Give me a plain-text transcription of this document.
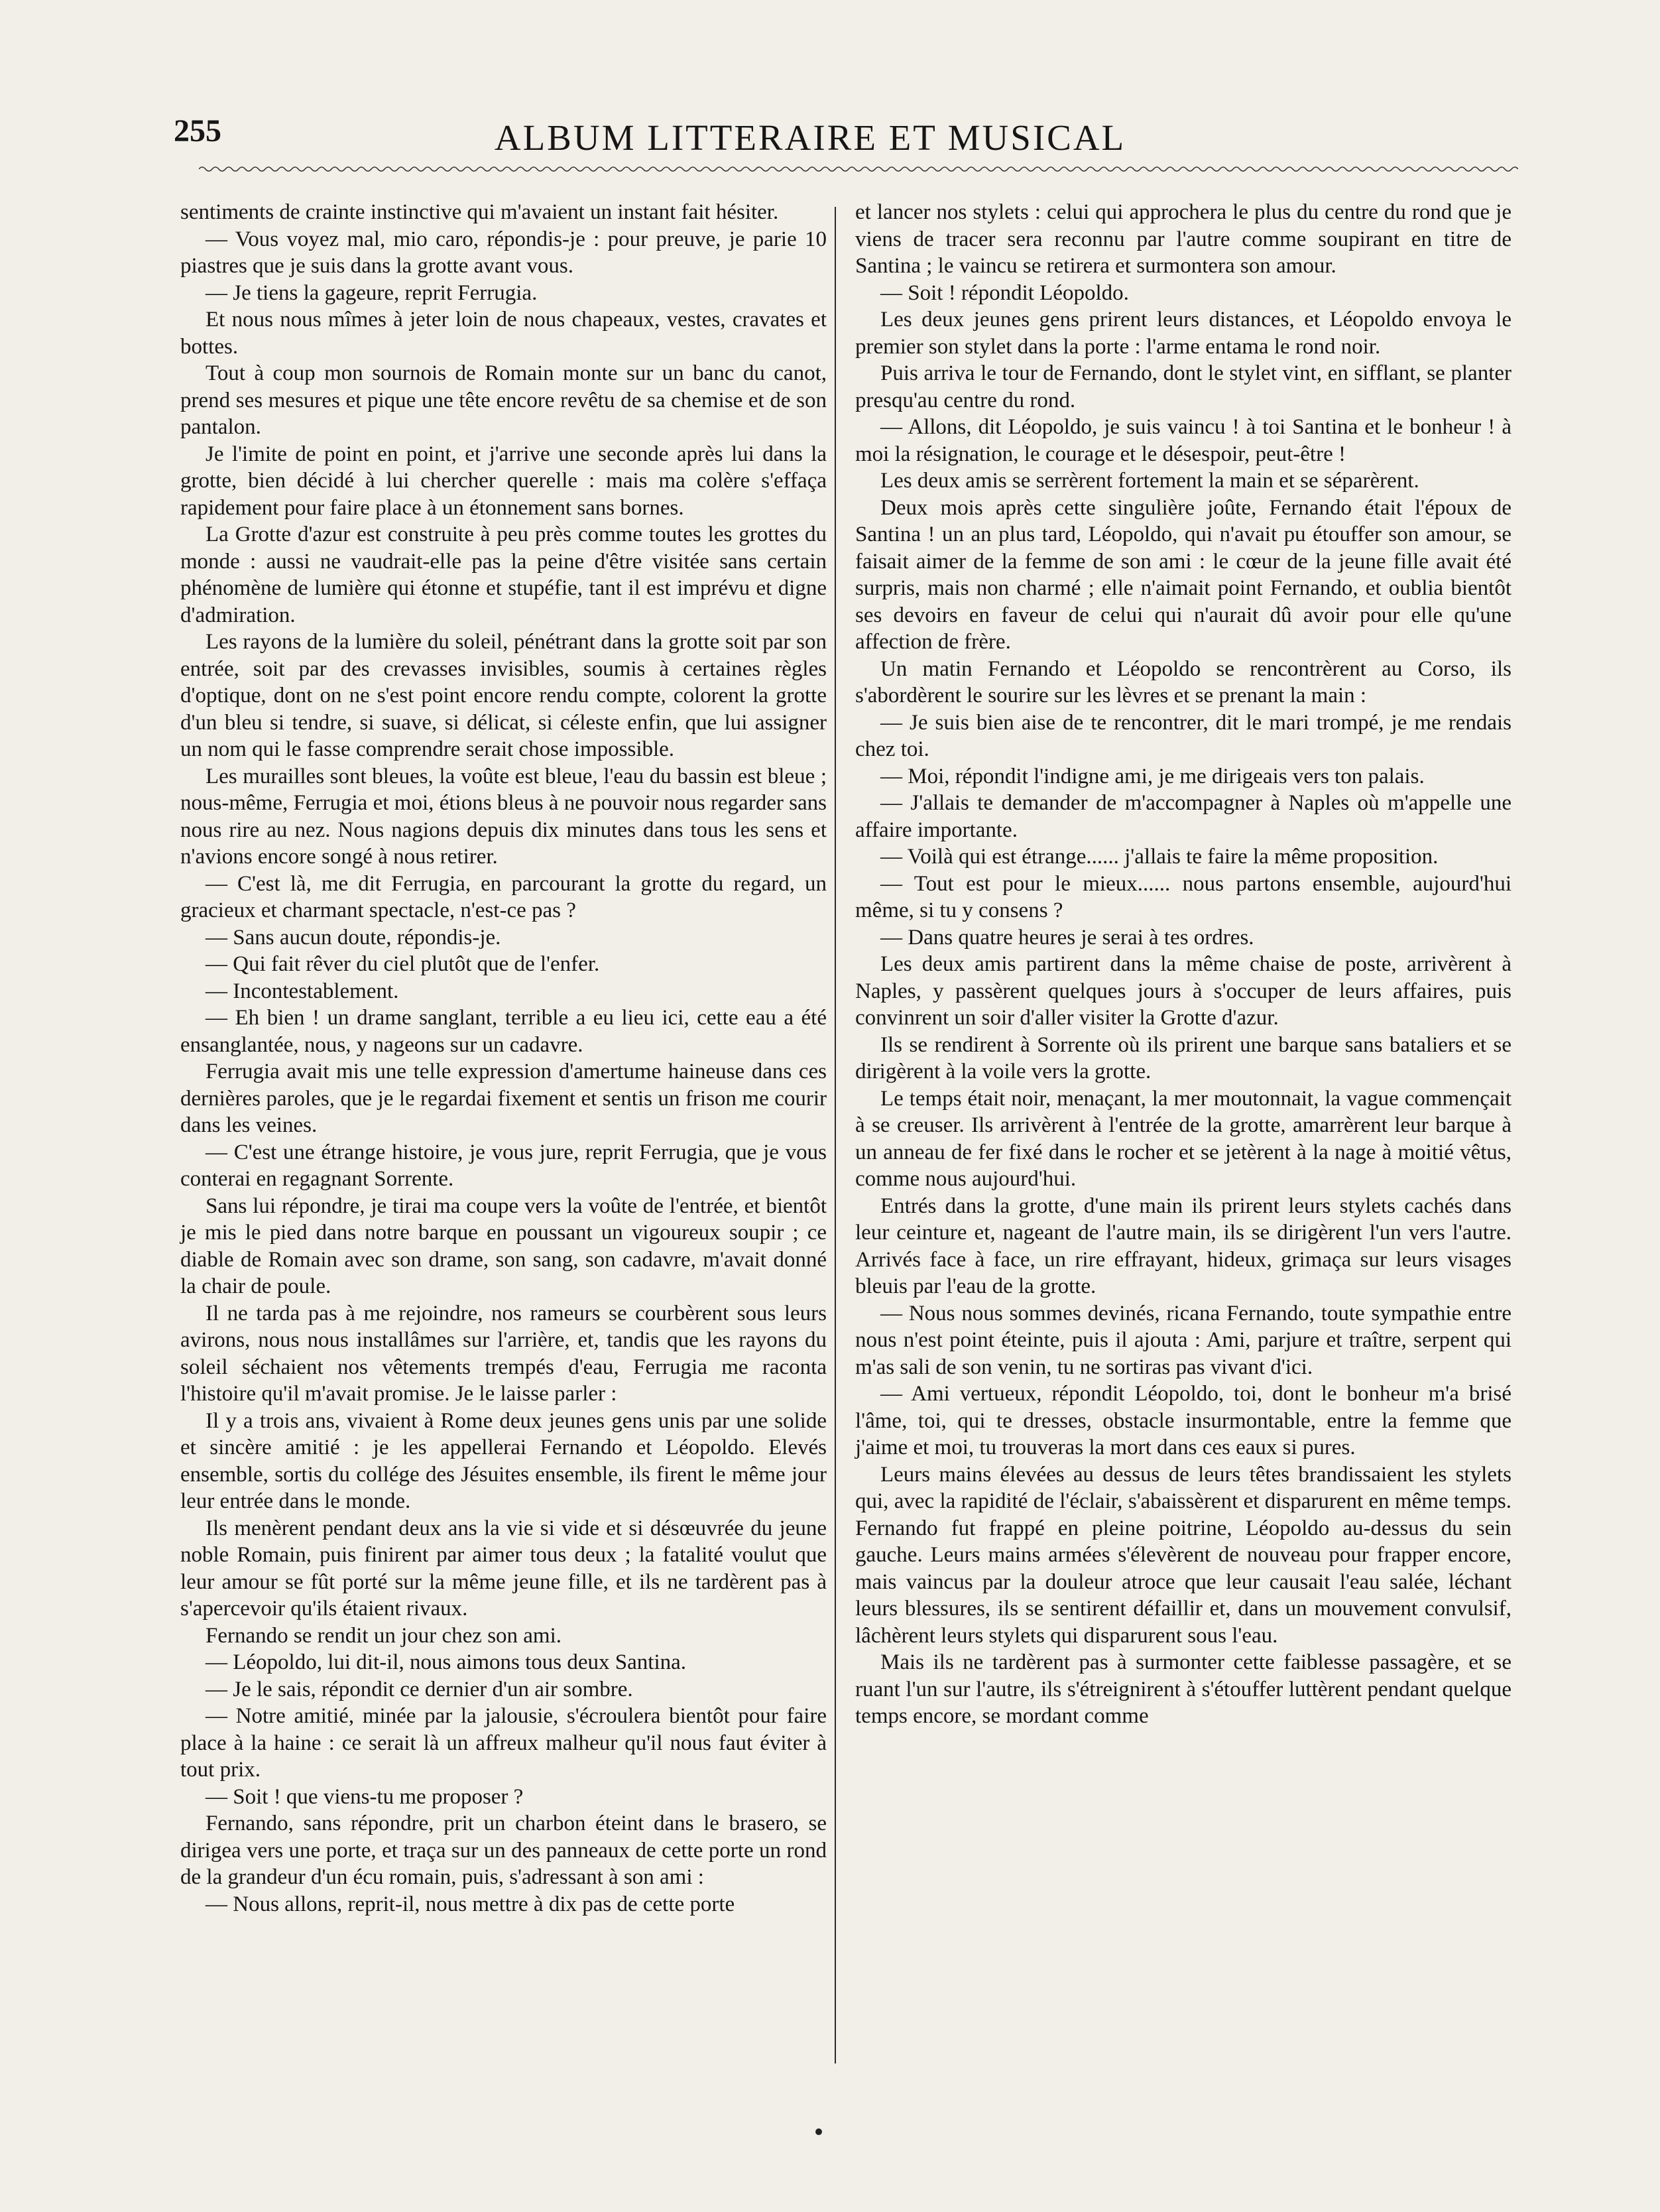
255	ALBUM LITTERAIRE ET MUSICAL

sentiments de crainte instinctive qui m'avaient un instant fait hésiter.

— Vous voyez mal, mio caro, répondis-je : pour preuve, je parie 10 piastres que je suis dans la grotte avant vous.

— Je tiens la gageure, reprit Ferrugia.

Et nous nous mîmes à jeter loin de nous chapeaux, vestes, cravates et bottes.

Tout à coup mon sournois de Romain monte sur un banc du canot, prend ses mesures et pique une tête encore revêtu de sa chemise et de son pantalon.

Je l'imite de point en point, et j'arrive une seconde après lui dans la grotte, bien décidé à lui chercher querelle : mais ma colère s'effaça rapidement pour faire place à un étonnement sans bornes.

La Grotte d'azur est construite à peu près comme toutes les grottes du monde : aussi ne vaudrait-elle pas la peine d'être visitée sans certain phénomène de lumière qui étonne et stupéfie, tant il est imprévu et digne d'admiration.

Les rayons de la lumière du soleil, pénétrant dans la grotte soit par son entrée, soit par des crevasses invisibles, soumis à certaines règles d'optique, dont on ne s'est point encore rendu compte, colorent la grotte d'un bleu si tendre, si suave, si délicat, si céleste enfin, que lui assigner un nom qui le fasse comprendre serait chose impossible.

Les murailles sont bleues, la voûte est bleue, l'eau du bassin est bleue ; nous-même, Ferrugia et moi, étions bleus à ne pouvoir nous regarder sans nous rire au nez. Nous nagions depuis dix minutes dans tous les sens et n'avions encore songé à nous retirer.

— C'est là, me dit Ferrugia, en parcourant la grotte du regard, un gracieux et charmant spectacle, n'est-ce pas ?

— Sans aucun doute, répondis-je.

— Qui fait rêver du ciel plutôt que de l'enfer.

— Incontestablement.

— Eh bien ! un drame sanglant, terrible a eu lieu ici, cette eau a été ensanglantée, nous, y nageons sur un cadavre.

Ferrugia avait mis une telle expression d'amertume haineuse dans ces dernières paroles, que je le regardai fixement et sentis un frison me courir dans les veines.

— C'est une étrange histoire, je vous jure, reprit Ferrugia, que je vous conterai en regagnant Sorrente.

Sans lui répondre, je tirai ma coupe vers la voûte de l'entrée, et bientôt je mis le pied dans notre barque en poussant un vigoureux soupir ; ce diable de Romain avec son drame, son sang, son cadavre, m'avait donné la chair de poule.

Il ne tarda pas à me rejoindre, nos rameurs se courbèrent sous leurs avirons, nous nous installâmes sur l'arrière, et, tandis que les rayons du soleil séchaient nos vêtements trempés d'eau, Ferrugia me raconta l'histoire qu'il m'avait promise. Je le laisse parler :

Il y a trois ans, vivaient à Rome deux jeunes gens unis par une solide et sincère amitié : je les appellerai Fernando et Léopoldo. Elevés ensemble, sortis du collége des Jésuites ensemble, ils firent le même jour leur entrée dans le monde.

Ils menèrent pendant deux ans la vie si vide et si désœuvrée du jeune noble Romain, puis finirent par aimer tous deux ; la fatalité voulut que leur amour se fût porté sur la même jeune fille, et ils ne tardèrent pas à s'apercevoir qu'ils étaient rivaux.

Fernando se rendit un jour chez son ami.

— Léopoldo, lui dit-il, nous aimons tous deux Santina.

— Je le sais, répondit ce dernier d'un air sombre.

— Notre amitié, minée par la jalousie, s'écroulera bientôt pour faire place à la haine : ce serait là un affreux malheur qu'il nous faut éviter à tout prix.

— Soit ! que viens-tu me proposer ?

Fernando, sans répondre, prit un charbon éteint dans le brasero, se dirigea vers une porte, et traça sur un des panneaux de cette porte un rond de la grandeur d'un écu romain, puis, s'adressant à son ami :

— Nous allons, reprit-il, nous mettre à dix pas de cette porte

et lancer nos stylets : celui qui approchera le plus du centre du rond que je viens de tracer sera reconnu par l'autre comme soupirant en titre de Santina ; le vaincu se retirera et surmontera son amour.

— Soit ! répondit Léopoldo.

Les deux jeunes gens prirent leurs distances, et Léopoldo envoya le premier son stylet dans la porte : l'arme entama le rond noir.

Puis arriva le tour de Fernando, dont le stylet vint, en sifflant, se planter presqu'au centre du rond.

— Allons, dit Léopoldo, je suis vaincu ! à toi Santina et le bonheur ! à moi la résignation, le courage et le désespoir, peut-être !

Les deux amis se serrèrent fortement la main et se séparèrent.

Deux mois après cette singulière joûte, Fernando était l'époux de Santina ! un an plus tard, Léopoldo, qui n'avait pu étouffer son amour, se faisait aimer de la femme de son ami : le cœur de la jeune fille avait été surpris, mais non charmé ; elle n'aimait point Fernando, et oublia bientôt ses devoirs en faveur de celui qui n'aurait dû avoir pour elle qu'une affection de frère.

Un matin Fernando et Léopoldo se rencontrèrent au Corso, ils s'abordèrent le sourire sur les lèvres et se prenant la main :

— Je suis bien aise de te rencontrer, dit le mari trompé, je me rendais chez toi.

— Moi, répondit l'indigne ami, je me dirigeais vers ton palais.

— J'allais te demander de m'accompagner à Naples où m'appelle une affaire importante.

— Voilà qui est étrange...... j'allais te faire la même proposition.

— Tout est pour le mieux...... nous partons ensemble, aujourd'hui même, si tu y consens ?

— Dans quatre heures je serai à tes ordres.

Les deux amis partirent dans la même chaise de poste, arrivèrent à Naples, y passèrent quelques jours à s'occuper de leurs affaires, puis convinrent un soir d'aller visiter la Grotte d'azur.

Ils se rendirent à Sorrente où ils prirent une barque sans bataliers et se dirigèrent à la voile vers la grotte.

Le temps était noir, menaçant, la mer moutonnait, la vague commençait à se creuser. Ils arrivèrent à l'entrée de la grotte, amarrèrent leur barque à un anneau de fer fixé dans le rocher et se jetèrent à la nage à moitié vêtus, comme nous aujourd'hui.

Entrés dans la grotte, d'une main ils prirent leurs stylets cachés dans leur ceinture et, nageant de l'autre main, ils se dirigèrent l'un vers l'autre. Arrivés face à face, un rire effrayant, hideux, grimaça sur leurs visages bleuis par l'eau de la grotte.

— Nous nous sommes devinés, ricana Fernando, toute sympathie entre nous n'est point éteinte, puis il ajouta : Ami, parjure et traître, serpent qui m'as sali de son venin, tu ne sortiras pas vivant d'ici.

— Ami vertueux, répondit Léopoldo, toi, dont le bonheur m'a brisé l'âme, toi, qui te dresses, obstacle insurmontable, entre la femme que j'aime et moi, tu trouveras la mort dans ces eaux si pures.

Leurs mains élevées au dessus de leurs têtes brandissaient les stylets qui, avec la rapidité de l'éclair, s'abaissèrent et disparurent en même temps. Fernando fut frappé en pleine poitrine, Léopoldo au-dessus du sein gauche. Leurs mains armées s'élevèrent de nouveau pour frapper encore, mais vaincus par la douleur atroce que leur causait l'eau salée, léchant leurs blessures, ils se sentirent défaillir et, dans un mouvement convulsif, lâchèrent leurs stylets qui disparurent sous l'eau.

Mais ils ne tardèrent pas à surmonter cette faiblesse passagère, et se ruant l'un sur l'autre, ils s'étreignirent à s'étouffer luttèrent pendant quelque temps encore, se mordant comme
